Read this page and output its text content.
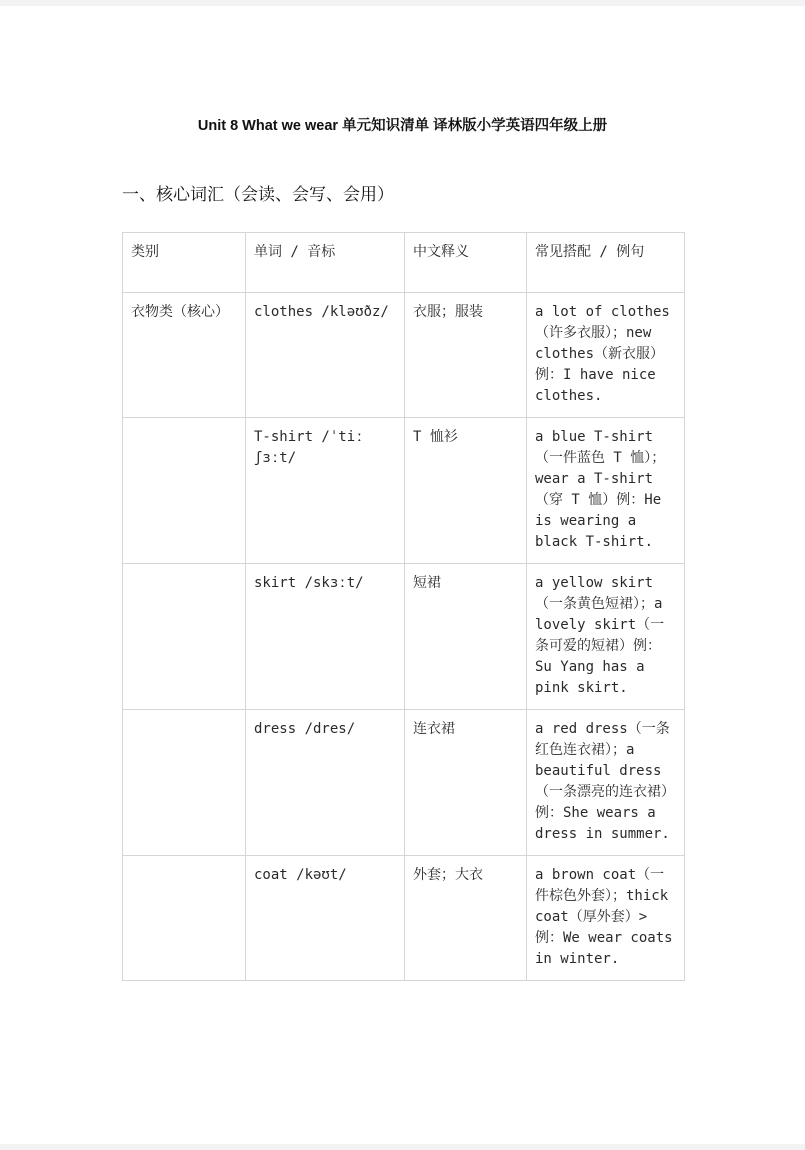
Unit 8 What we wear 单元知识清单 译林版小学英语四年级上册
一、核心词汇（会读、会写、会用）
类别	单词 / 音标	中文释义	常见搭配 / 例句
衣物类（核心）	clothes /kləʊðz/	衣服；服装	a lot of clothes（许多衣服）；new clothes（新衣服）例：I have nice clothes.
	T-shirt /ˈtiː ʃɜːt/	T 恤衫	a blue T-shirt（一件蓝色 T 恤）；wear a T-shirt（穿 T 恤）例：He is wearing a black T-shirt.
	skirt /skɜːt/	短裙	a yellow skirt（一条黄色短裙）；a lovely skirt（一条可爱的短裙）例：Su Yang has a pink skirt.
	dress /dres/	连衣裙	a red dress（一条红色连衣裙）；a beautiful dress（一条漂亮的连衣裙）例：She wears a dress in summer.
	coat /kəʊt/	外套；大衣	a brown coat（一件棕色外套）；thick coat（厚外套）> 例：We wear coats in winter.
